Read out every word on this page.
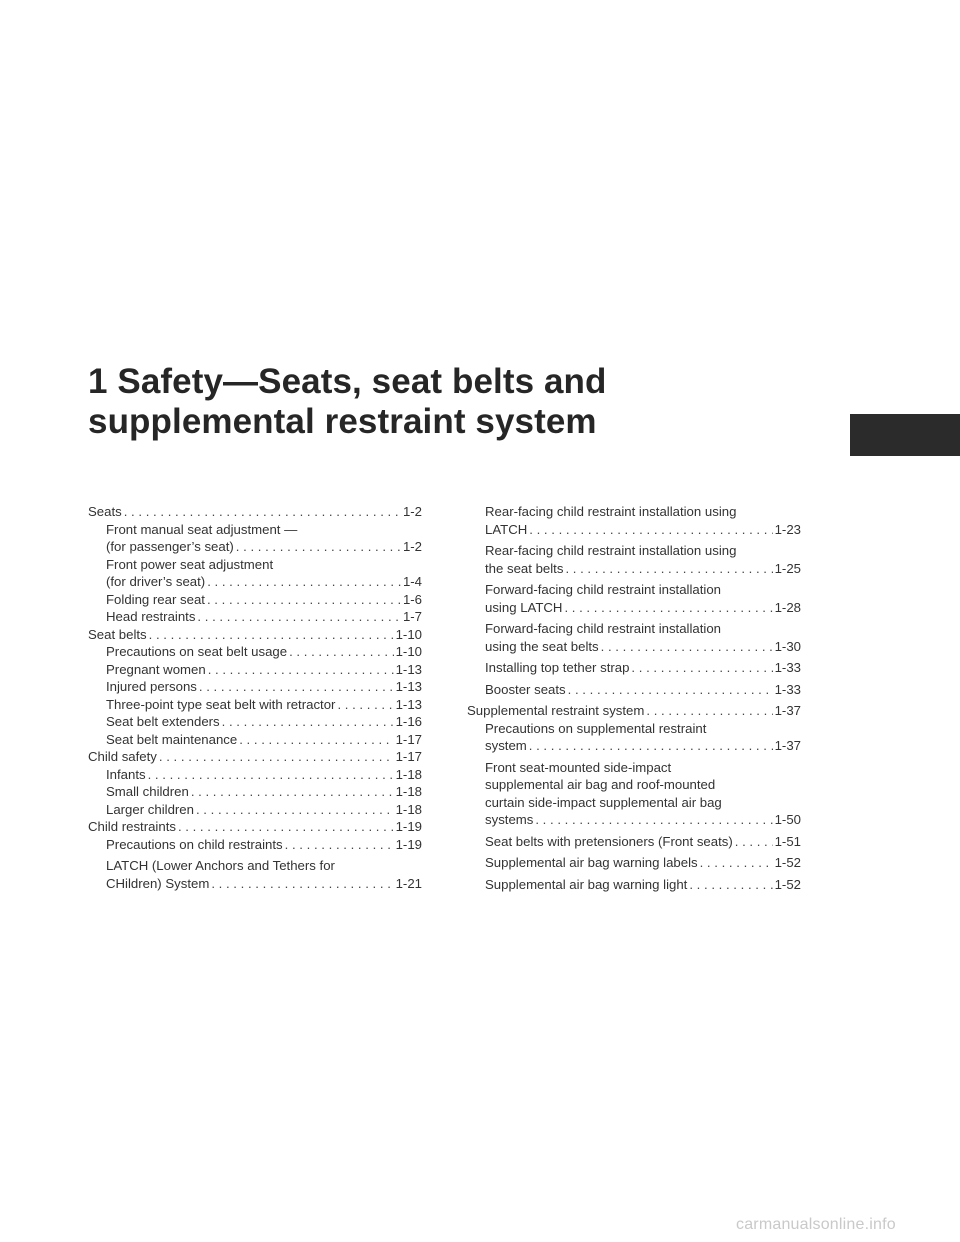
1 Safety—Seats, seat belts and supplemental restraint system
Seats . . .	1-2
Front manual seat adjustment —
(for passenger’s seat) . . .	1-2
Front power seat adjustment
(for driver’s seat) . . .	1-4
Folding rear seat . . .	1-6
Head restraints . . .	1-7
Seat belts . . .	1-10
Precautions on seat belt usage . . .	1-10
Pregnant women . . .	1-13
Injured persons . . .	1-13
Three-point type seat belt with retractor . . .	1-13
Seat belt extenders . . .	1-16
Seat belt maintenance . . .	1-17
Child safety . . .	1-17
Infants . . .	1-18
Small children . . .	1-18
Larger children . . .	1-18
Child restraints . . .	1-19
Precautions on child restraints . . .	1-19
LATCH (Lower Anchors and Tethers for
CHildren) System . . .	1-21
Rear-facing child restraint installation using
LATCH . . .	1-23
Rear-facing child restraint installation using
the seat belts . . .	1-25
Forward-facing child restraint installation
using LATCH . . .	1-28
Forward-facing child restraint installation
using the seat belts . . .	1-30
Installing top tether strap . . .	1-33
Booster seats . . .	1-33
Supplemental restraint system . . .	1-37
Precautions on supplemental restraint
system . . .	1-37
Front seat-mounted side-impact
supplemental air bag and roof-mounted
curtain side-impact supplemental air bag
systems . . .	1-50
Seat belts with pretensioners (Front seats) . . .	1-51
Supplemental air bag warning labels . . .	1-52
Supplemental air bag warning light . . .	1-52
carmanualsonline.info
